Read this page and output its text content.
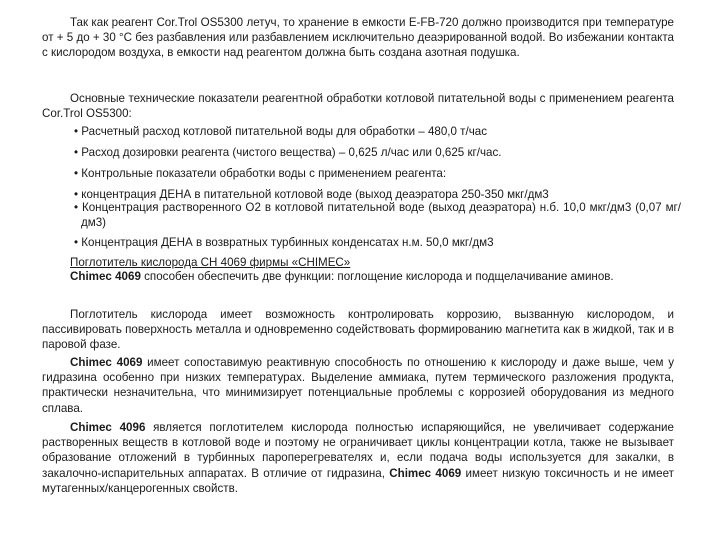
Так как реагент Cor.Trol OS5300 летуч, то хранение в емкости E-FB-720 должно производится при температуре от + 5 до + 30 °С без разбавления или разбавлением исключительно деаэрированной водой. Во избежании контакта с кислородом воздуха, в емкости над реагентом должна быть создана азотная подушка.

Основные технические показатели реагентной обработки котловой питательной воды с применением реагента Cor.Trol OS5300:

• Расчетный расход котловой питательной воды для обработки – 480,0 т/час

• Расход дозировки реагента (чистого вещества) – 0,625 л/час или 0,625 кг/час.

• Контрольные показатели обработки воды с применением реагента:

• концентрация ДЕНА в питательной котловой воде (выход деаэратора 250-350 мкг/дм3

• Концентрация растворенного О2 в котловой питательной воде (выход деаэратора) н.б. 10,0 мкг/дм3 (0,07 мг/дм3)

• Концентрация ДЕНА в возвратных турбинных конденсатах н.м. 50,0 мкг/дм3

Поглотитель кислорода CH 4069 фирмы «CHIMEC»

Chimec 4069 способен обеспечить две функции: поглощение кислорода и подщелачивание аминов.

Поглотитель кислорода имеет возможность контролировать коррозию, вызванную кислородом, и пассивировать поверхность металла и одновременно содействовать формированию магнетита как в жидкой, так и в паровой фазе.

Chimec 4069 имеет сопоставимую реактивную способность по отношению к кислороду и даже выше, чем у гидразина особенно при низких температурах. Выделение аммиака, путем термического разложения продукта, практически незначительна, что минимизирует потенциальные проблемы с коррозией оборудования из медного сплава.

Chimec 4096 является поглотителем кислорода полностью испаряющийся, не увеличивает содержание растворенных веществ в котловой воде и поэтому не ограничивает циклы концентрации котла, также не вызывает образование отложений в турбинных пароперегревателях и, если подача воды используется для закалки, в закалочно-испарительных аппаратах. В отличие от гидразина, Chimec 4069 имеет низкую токсичность и не имеет мутагенных/канцерогенных свойств.
